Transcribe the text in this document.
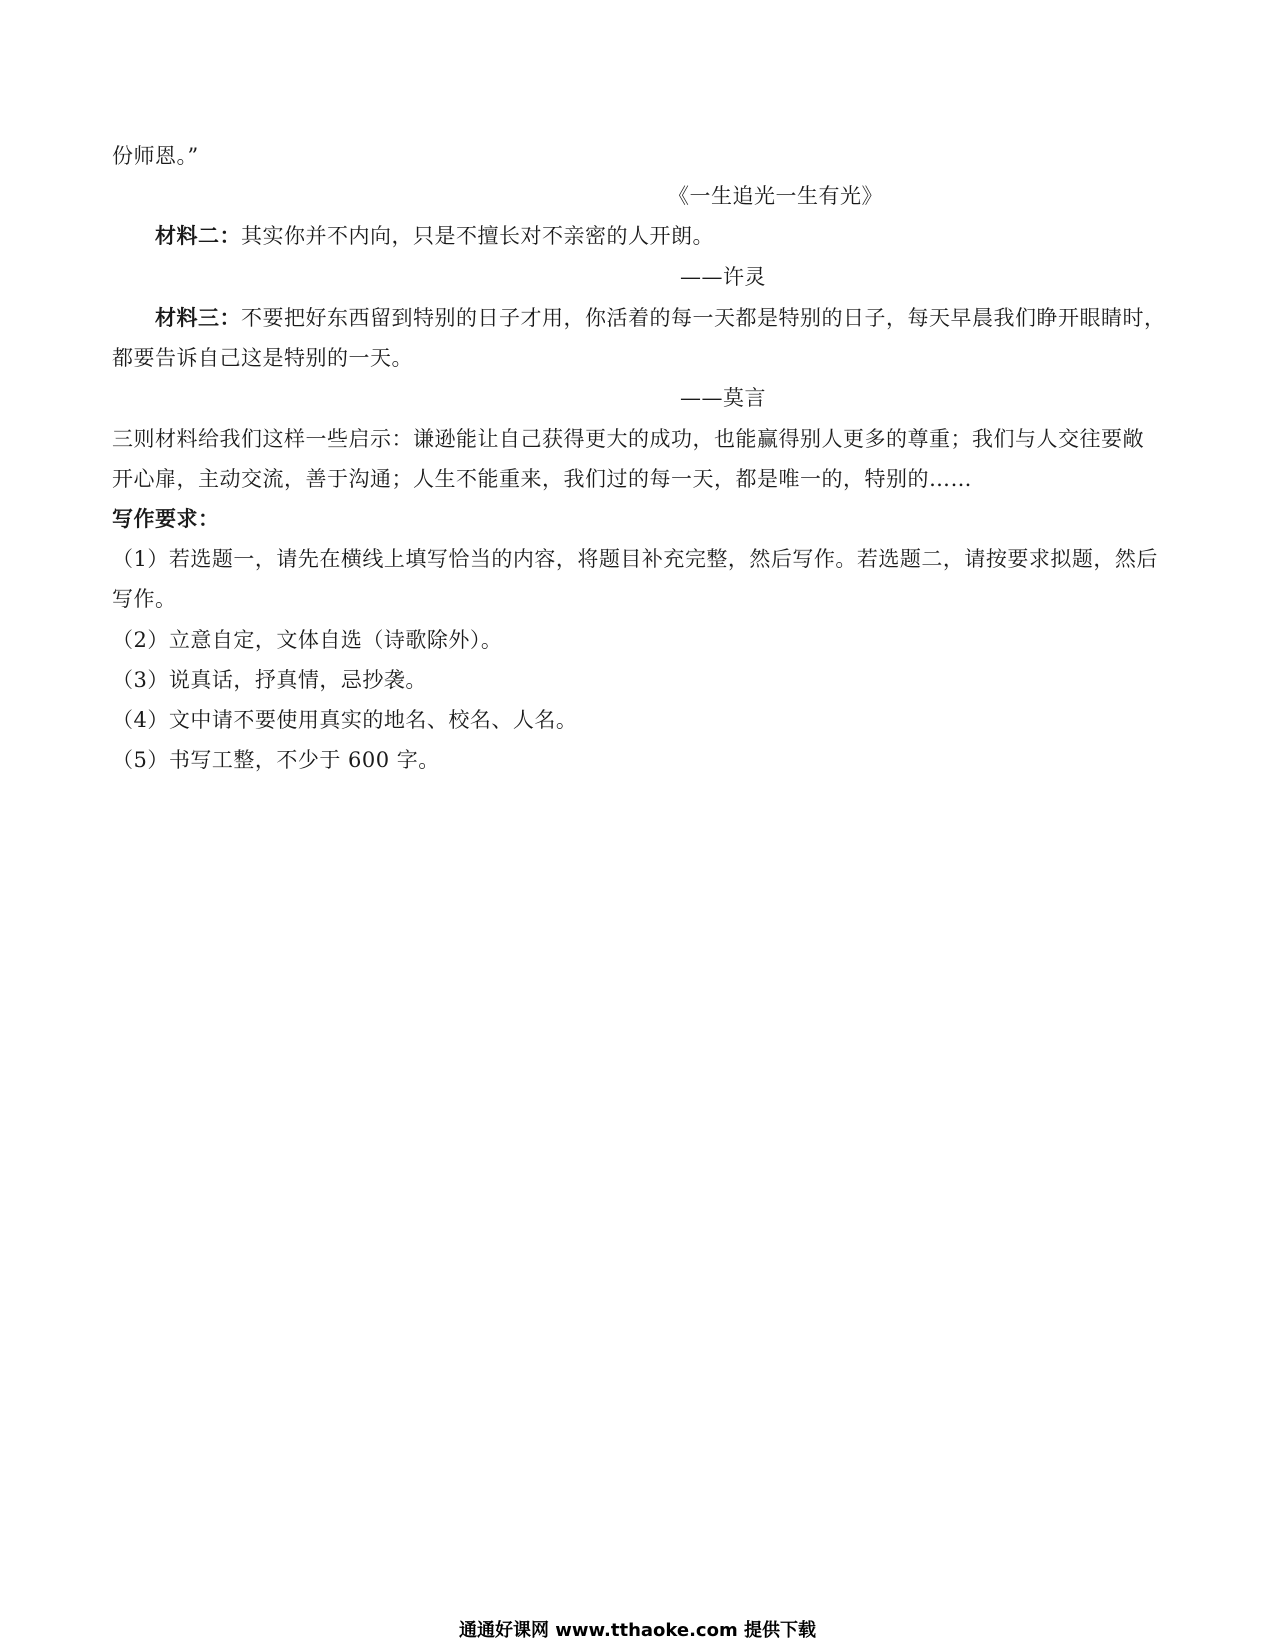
份师恩。”
《一生追光一生有光》
材料二：其实你并不内向，只是不擅长对不亲密的人开朗。
——许灵
材料三：不要把好东西留到特别的日子才用，你活着的每一天都是特别的日子，每天早晨我们睁开眼睛时，
都要告诉自己这是特别的一天。
——莫言
三则材料给我们这样一些启示：谦逊能让自己获得更大的成功，也能赢得别人更多的尊重；我们与人交往要敞
开心扉，主动交流，善于沟通；人生不能重来，我们过的每一天，都是唯一的，特别的……
写作要求：
（1）若选题一，请先在横线上填写恰当的内容，将题目补充完整，然后写作。若选题二，请按要求拟题，然后
写作。
（2）立意自定，文体自选（诗歌除外）。
（3）说真话，抒真情，忌抄袭。
（4）文中请不要使用真实的地名、校名、人名。
（5）书写工整，不少于 600 字。
通通好课网 www.tthaoke.com 提供下载
